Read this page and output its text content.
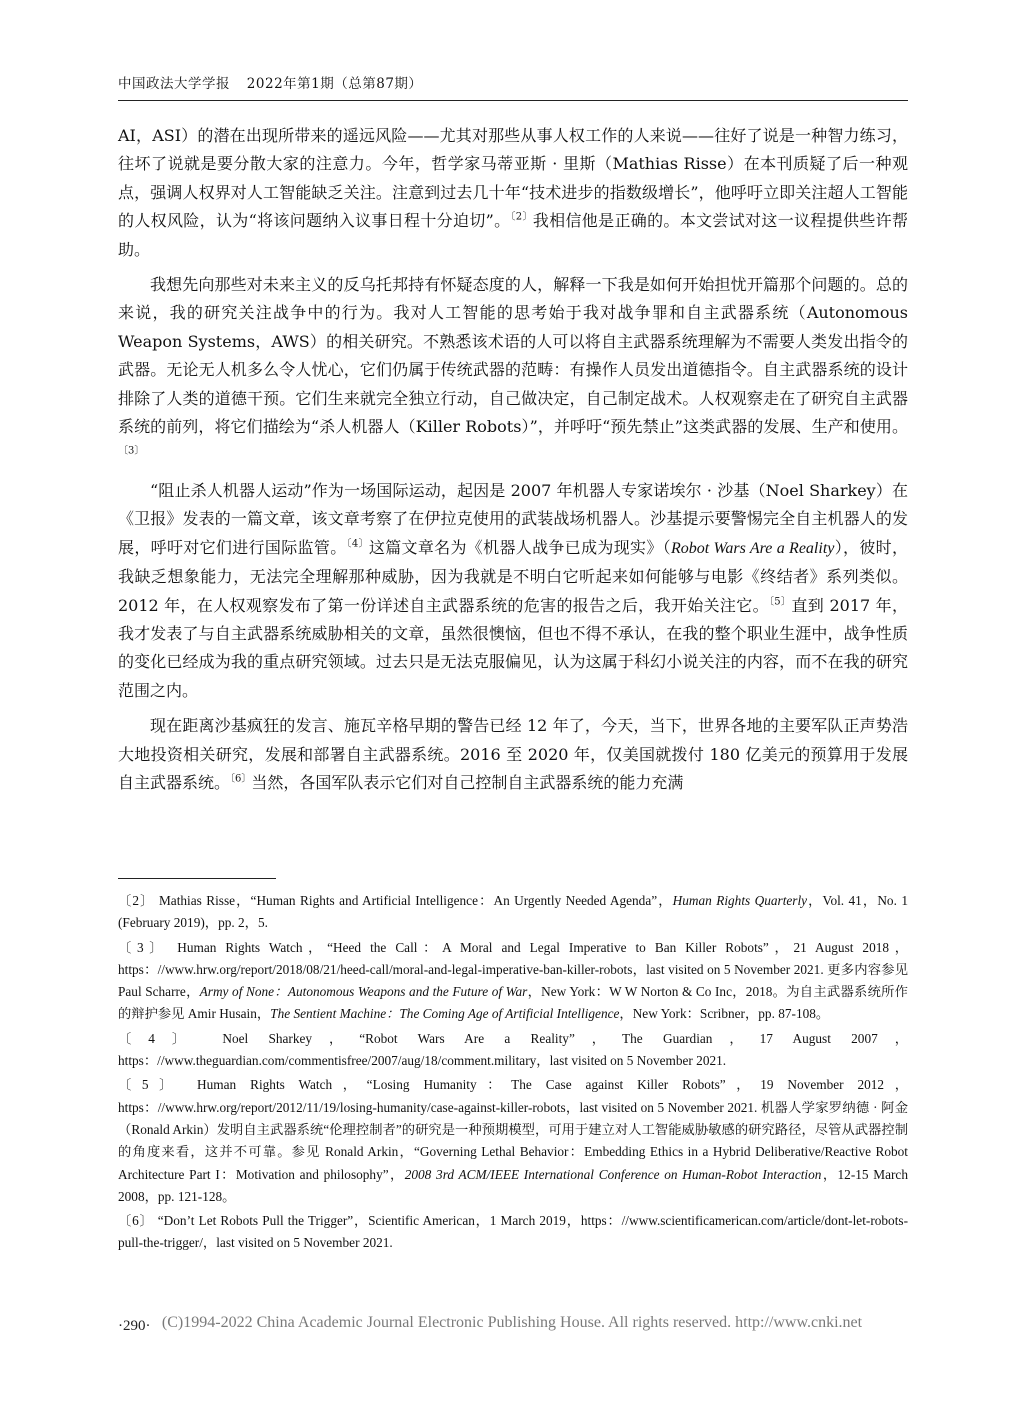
中国政法大学学报 2022年第1期（总第87期）

AI，ASI）的潜在出现所带来的遥远风险——尤其对那些从事人权工作的人来说——往好了说是一种智力练习，往坏了说就是要分散大家的注意力。今年，哲学家马蒂亚斯 · 里斯（Mathias Risse）在本刊质疑了后一种观点，强调人权界对人工智能缺乏关注。注意到过去几十年“技术进步的指数级增长”，他呼吁立即关注超人工智能的人权风险，认为“将该问题纳入议事日程十分迫切”。$^{〔2〕}$我相信他是正确的。本文尝试对这一议程提供些许帮助。

我想先向那些对未来主义的反乌托邦持有怀疑态度的人，解释一下我是如何开始担忧开篇那个问题的。总的来说，我的研究关注战争中的行为。我对人工智能的思考始于我对战争罪和自主武器系统（Autonomous Weapon Systems，AWS）的相关研究。不熟悉该术语的人可以将自主武器系统理解为不需要人类发出指令的武器。无论无人机多么令人忧心，它们仍属于传统武器的范畴：有操作人员发出道德指令。自主武器系统的设计排除了人类的道德干预。它们生来就完全独立行动，自己做决定，自己制定战术。人权观察走在了研究自主武器系统的前列，将它们描绘为“杀人机器人（Killer Robots）”，并呼吁“预先禁止”这类武器的发展、生产和使用。$^{〔3〕}$

“阻止杀人机器人运动”作为一场国际运动，起因是 2007 年机器人专家诺埃尔 · 沙基（Noel Sharkey）在《卫报》发表的一篇文章，该文章考察了在伊拉克使用的武装战场机器人。沙基提示要警惕完全自主机器人的发展，呼吁对它们进行国际监管。$^{〔4〕}$这篇文章名为《机器人战争已成为现实》（Robot Wars Are a Reality），彼时，我缺乏想象能力，无法完全理解那种威胁，因为我就是不明白它听起来如何能够与电影《终结者》系列类似。2012 年，在人权观察发布了第一份详述自主武器系统的危害的报告之后，我开始关注它。$^{〔5〕}$直到 2017 年，我才发表了与自主武器系统威胁相关的文章，虽然很懊恼，但也不得不承认，在我的整个职业生涯中，战争性质的变化已经成为我的重点研究领域。过去只是无法克服偏见，认为这属于科幻小说关注的内容，而不在我的研究范围之内。

现在距离沙基疯狂的发言、施瓦辛格早期的警告已经 12 年了，今天，当下，世界各地的主要军队正声势浩大地投资相关研究，发展和部署自主武器系统。2016 至 2020 年，仅美国就拨付 180 亿美元的预算用于发展自主武器系统。$^{〔6〕}$当然，各国军队表示它们对自己控制自主武器系统的能力充满

〔2〕 Mathias Risse，“Human Rights and Artificial Intelligence：An Urgently Needed Agenda”，Human Rights Quarterly，Vol. 41，No. 1 (February 2019)，pp. 2，5.

〔3〕 Human Rights Watch，“Heed the Call：A Moral and Legal Imperative to Ban Killer Robots”，21 August 2018，https：//www.hrw.org/report/2018/08/21/heed-call/moral-and-legal-imperative-ban-killer-robots，last visited on 5 November 2021. 更多内容参见 Paul Scharre，Army of None：Autonomous Weapons and the Future of War，New York：W W Norton & Co Inc，2018。为自主武器系统所作的辩护参见 Amir Husain，The Sentient Machine：The Coming Age of Artificial Intelligence，New York：Scribner，pp. 87-108。

〔4〕 Noel Sharkey，“Robot Wars Are a Reality”，The Guardian，17 August 2007，https：//www.theguardian.com/commentisfree/2007/aug/18/comment.military，last visited on 5 November 2021.

〔5〕 Human Rights Watch，“Losing Humanity：The Case against Killer Robots”，19 November 2012，https：//www.hrw.org/report/2012/11/19/losing-humanity/case-against-killer-robots，last visited on 5 November 2021. 机器人学家罗纳德 · 阿金（Ronald Arkin）发明自主武器系统“伦理控制者”的研究是一种预期模型，可用于建立对人工智能威胁敏感的研究路径，尽管从武器控制的角度来看，这并不可靠。参见 Ronald Arkin，“Governing Lethal Behavior：Embedding Ethics in a Hybrid Deliberative/Reactive Robot Architecture Part I：Motivation and philosophy”，2008 3rd ACM/IEEE International Conference on Human-Robot Interaction，12-15 March 2008，pp. 121-128。

〔6〕 “Don’t Let Robots Pull the Trigger”，Scientific American，1 March 2019，https：//www.scientificamerican.com/article/dont-let-robots-pull-the-trigger/，last visited on 5 November 2021.

(C)1994-2022 China Academic Journal Electronic Publishing House. All rights reserved. http://www.cnki.net
·290·
